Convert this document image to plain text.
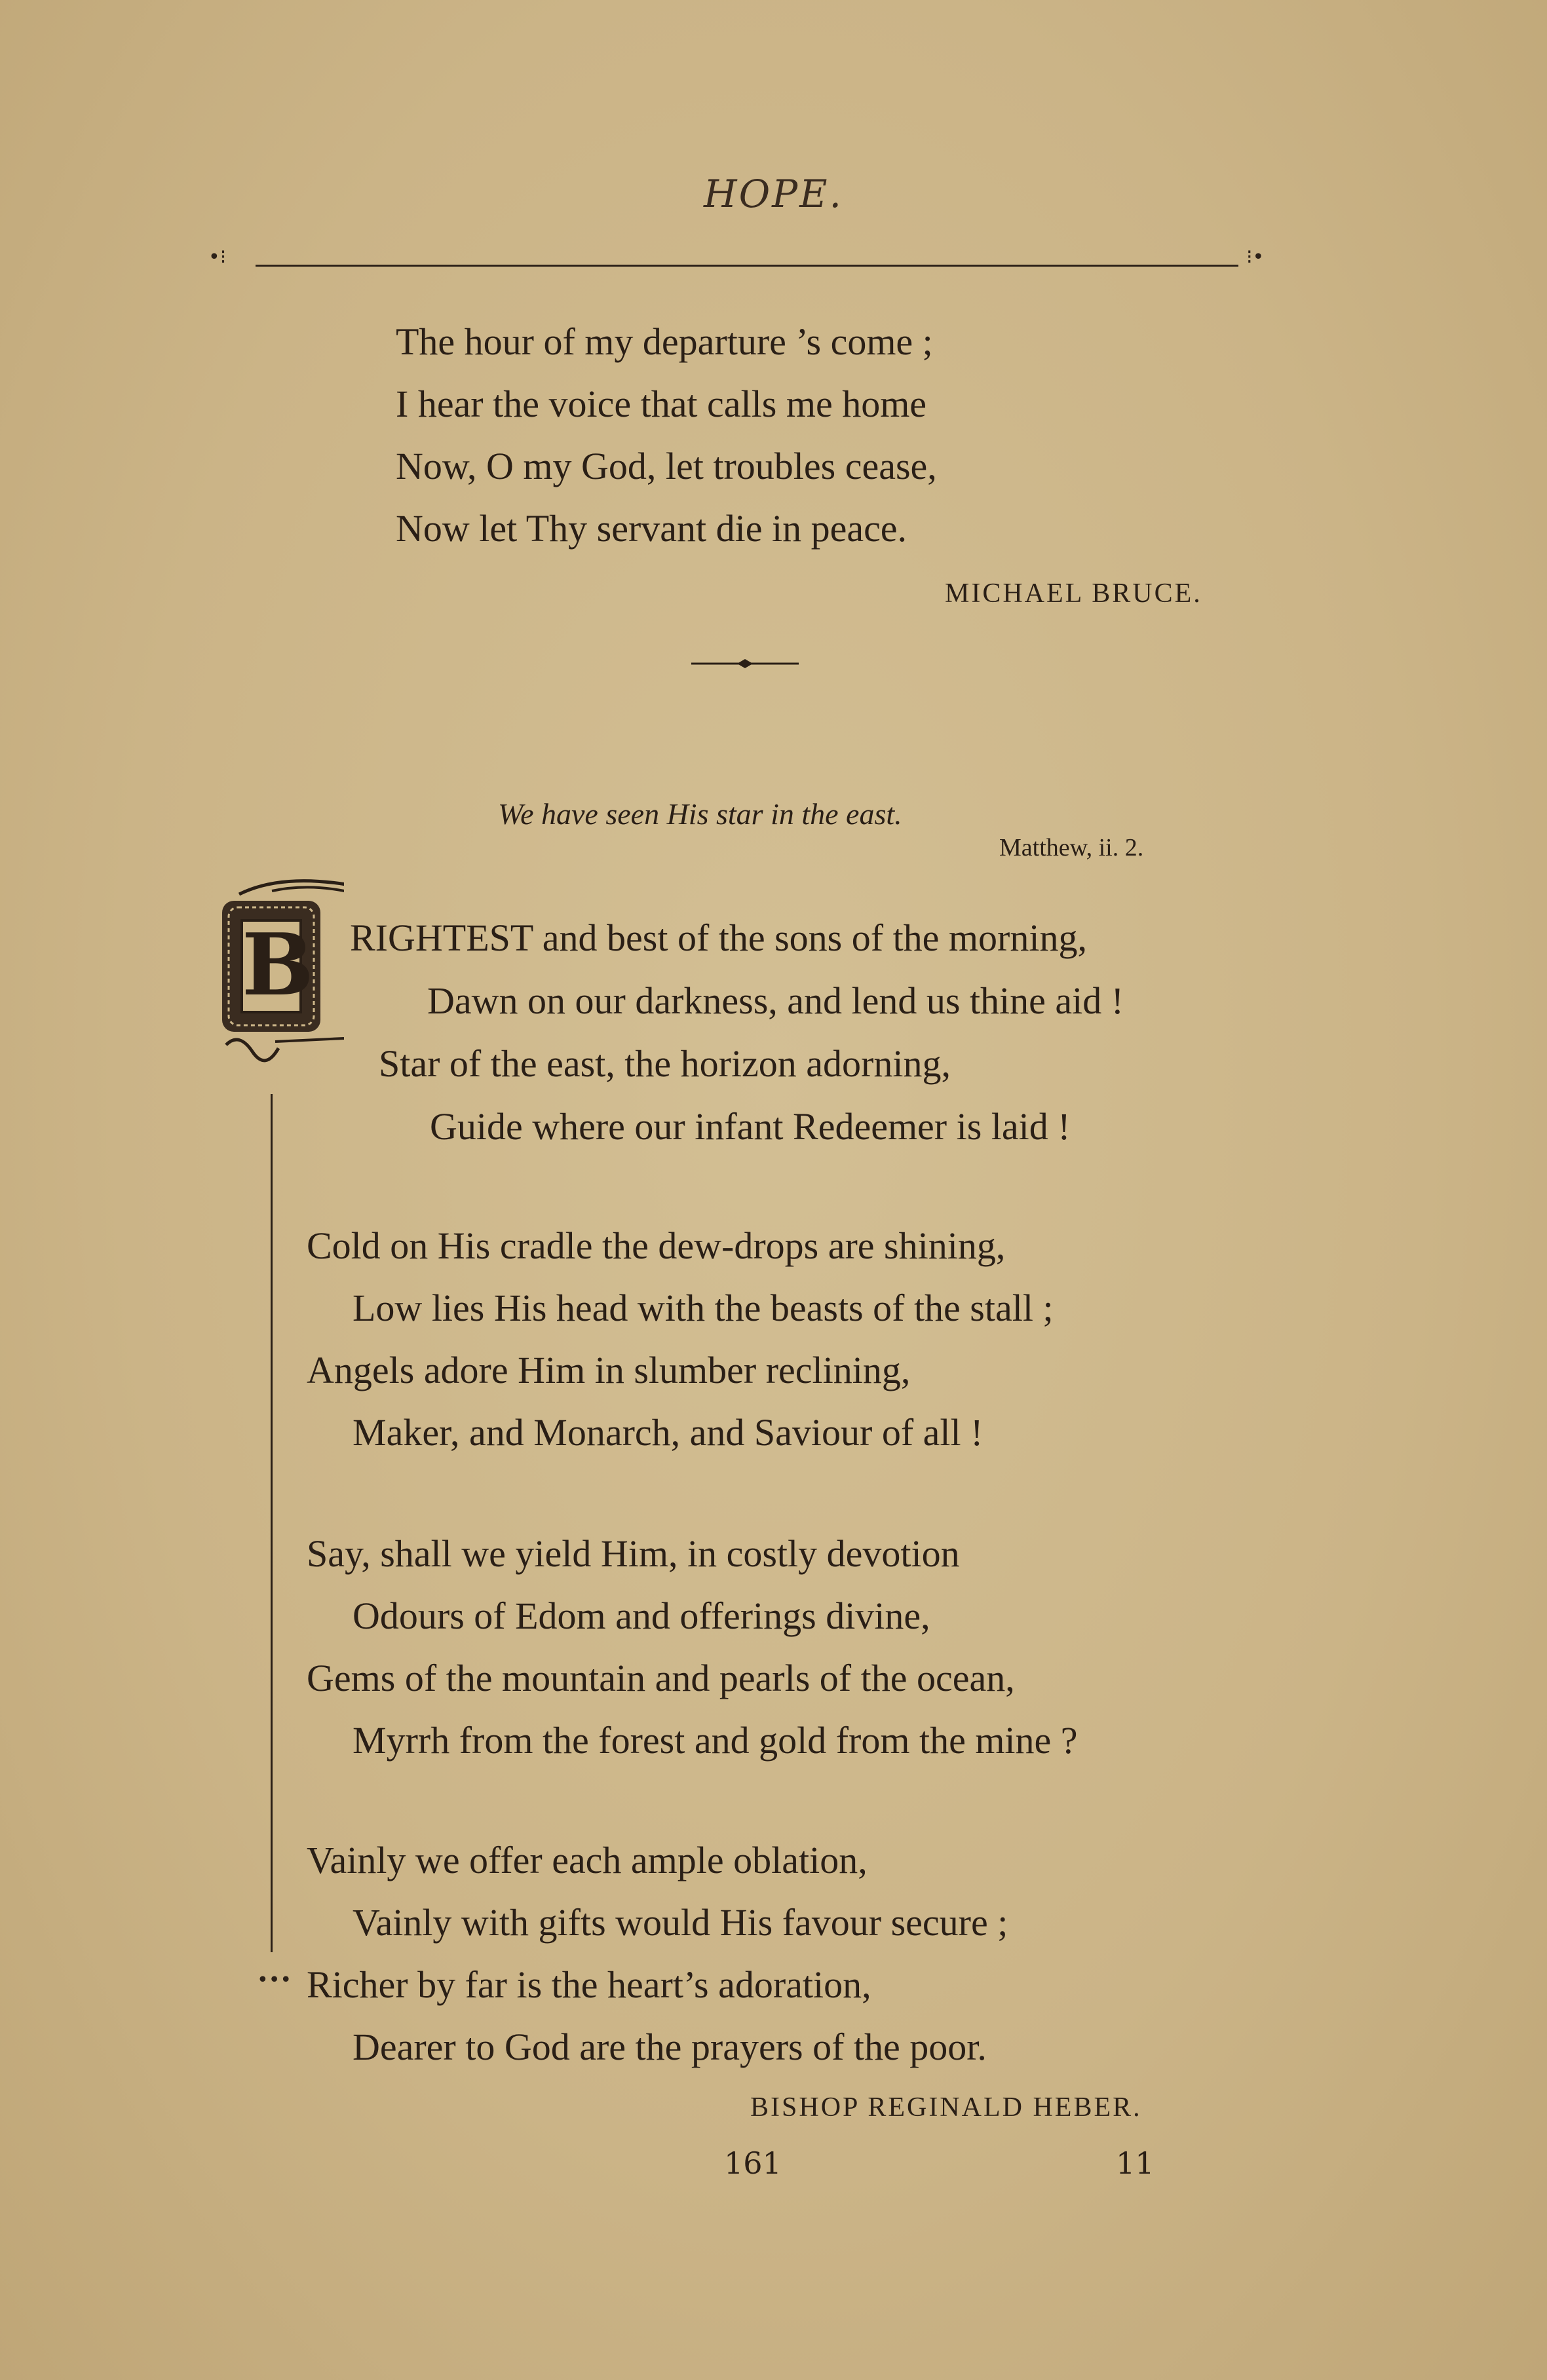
HOPE.
•⁝	⁝•
The hour of my departure ’s come ;
I hear the voice that calls me home
Now, O my God, let troubles cease,
Now let Thy servant die in peace.
MICHAEL BRUCE.
We have seen His star in the east.
Matthew, ii. 2.
B
•••
RIGHTEST and best of the sons of the morning,
Dawn on our darkness, and lend us thine aid !
Star of the east, the horizon adorning,
Guide where our infant Redeemer is laid !
Cold on His cradle the dew-drops are shining,
Low lies His head with the beasts of the stall ;
Angels adore Him in slumber reclining,
Maker, and Monarch, and Saviour of all !
Say, shall we yield Him, in costly devotion
Odours of Edom and offerings divine,
Gems of the mountain and pearls of the ocean,
Myrrh from the forest and gold from the mine ?
Vainly we offer each ample oblation,
Vainly with gifts would His favour secure ;
Richer by far is the heart’s adoration,
Dearer to God are the prayers of the poor.
BISHOP REGINALD HEBER.
161	11
